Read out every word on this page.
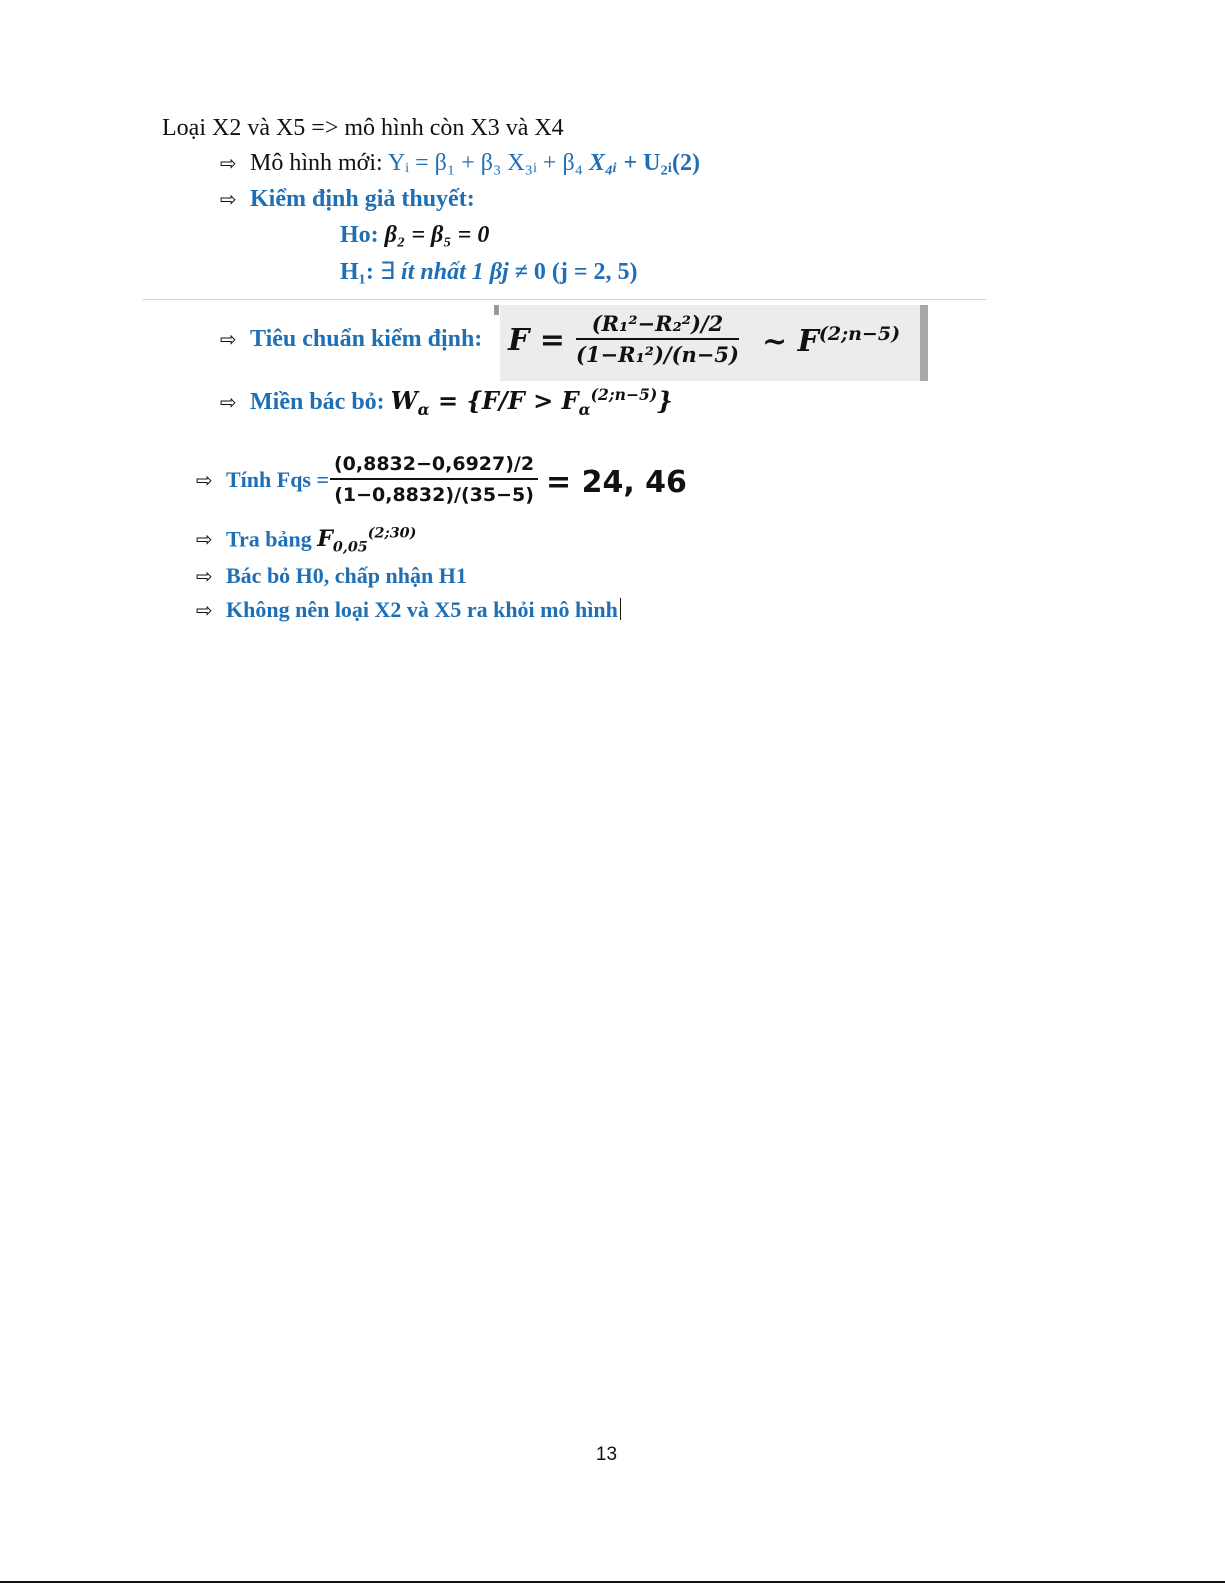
Loại X2 và X5 => mô hình còn X3 và X4
⇨ Mô hình mới: Yᵢ = β₁ + β₃ X₃ᵢ + β₄ X₄ᵢ + U₂ᵢ(2)
⇨ Kiểm định giả thuyết:
Ho: β₂ = β₅ = 0
H₁: ∃ ít nhất 1 βj ≠ 0 (j = 2, 5)
⇨ Tiêu chuẩn kiểm định: $F = \frac{\text{(R₁²−R₂²)/2}}{\text{(1−R₁²)/(n−5)}}$ ~ $F^{(2;n-5)}$
⇨ Miền bác bỏ: $W_\alpha = \{F/F > F_\alpha^{(2;n-5)}\}$
⇨ Tính Fqs = $\frac{(0,8832-0,6927)/2}{(1-0,8832)/(35-5)} = 24$, 46
⇨ Tra bảng $F_{0,05}^{(2;30)}$
⇨ Bác bỏ H0, chấp nhận H1
⇨ Không nên loại X2 và X5 ra khỏi mô hình
13
